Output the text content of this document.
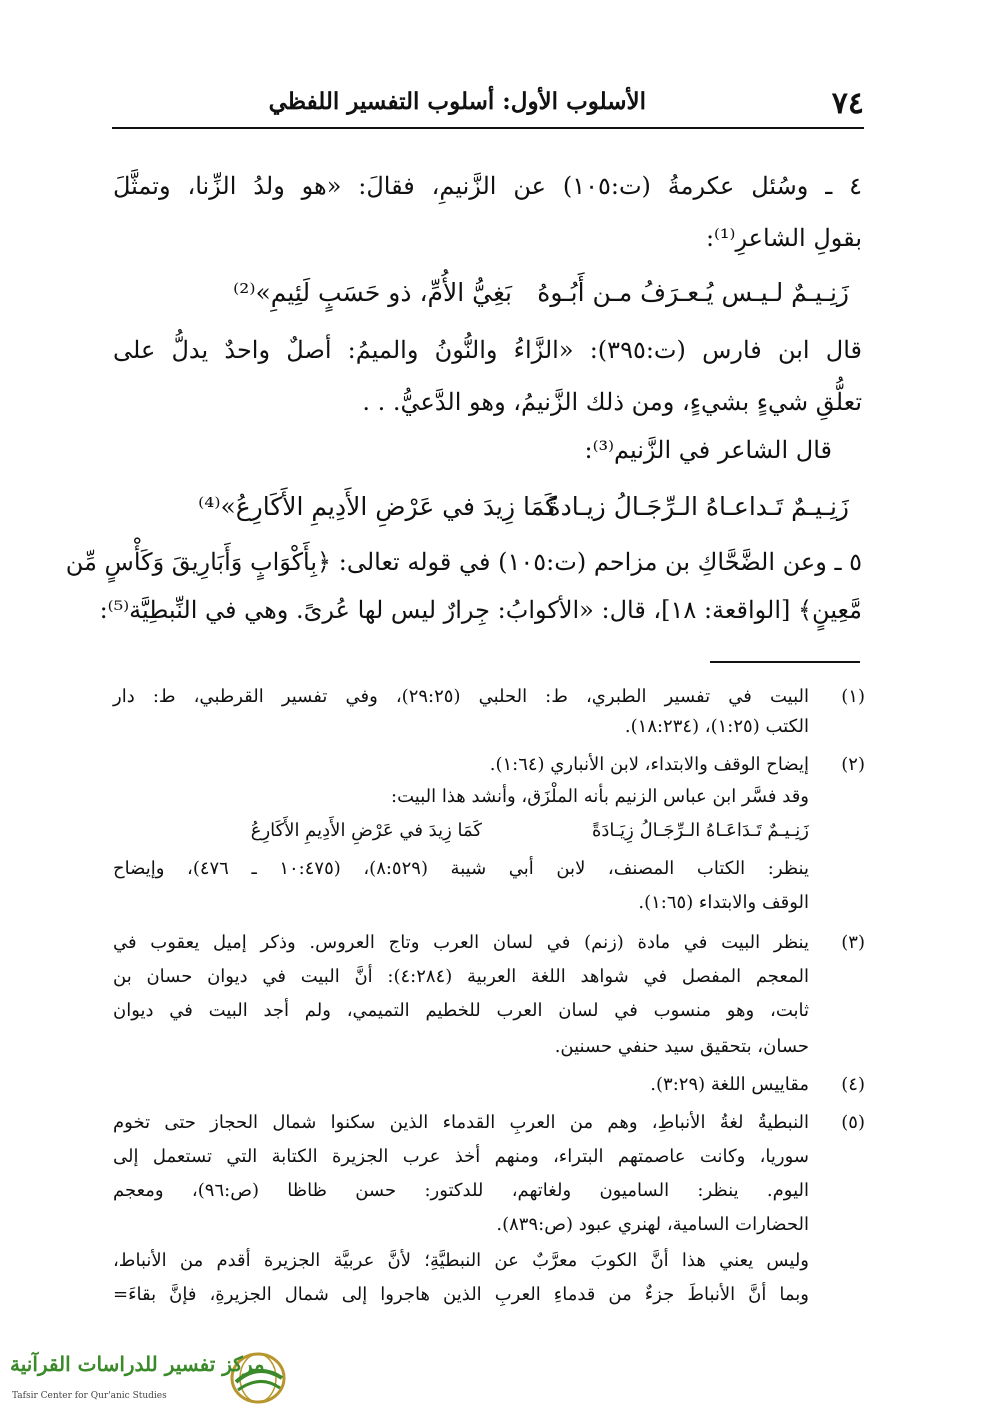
٧٤
الأسلوب الأول: أسلوب التفسير اللفظي
٤ ـ وسُئل عكرمةُ (ت:١٠٥) عن الزَّنيمِ، فقالَ: «هو ولدُ الزِّنا، وتمثَّلَ
بقولِ الشاعرِ⁽¹⁾:
زَنِـيـمٌ لـيـس يُـعـرَفُ مـن أَبُـوهُ
بَغِيُّ الأُمِّ، ذو حَسَبٍ لَئِيمِ»⁽²⁾
قال ابن فارس (ت:٣٩٥): «الزَّاءُ والنُّونُ والميمُ: أصلٌ واحدٌ يدلُّ على
تعلُّقِ شيءٍ بشيءٍ، ومن ذلك الزَّنيمُ، وهو الدَّعيُّ. . .
قال الشاعر في الزَّنيم⁽³⁾:
زَنِـيـمٌ تَـداعـاهُ الـرِّجَـالُ زيـادةً
كَمَا زِيدَ في عَرْضِ الأَدِيمِ الأَكَارِعُ»⁽⁴⁾
٥ ـ وعن الضَّحَّاكِ بن مزاحم (ت:١٠٥) في قوله تعالى: ﴿بِأَكْوَابٍ وَأَبَارِيقَ وَكَأْسٍ مِّن
مَّعِينٍ﴾ [الواقعة: ١٨]، قال: «الأكوابُ: جِرارٌ ليس لها عُرىً. وهي في النِّبطِيَّة⁽⁵⁾:
(١)
البيت في تفسير الطبري، ط: الحلبي (٢٩:٢٥)، وفي تفسير القرطبي، ط: دار
الكتب (١:٢٥)، (١٨:٢٣٤).
(٢)
إيضاح الوقف والابتداء، لابن الأنباري (١:٦٤).
وقد فسَّر ابن عباس الزنيم بأنه الملْزَق، وأنشد هذا البيت:
زَنِـيـمٌ تَـدَاعَـاهُ الـرِّجَـالُ زِيَـادَةً
كَمَا زِيدَ في عَرْضِ الأَدِيمِ الأَكَارِعُ
ينظر: الكتاب المصنف، لابن أبي شيبة (٨:٥٢٩)، (١٠:٤٧٥ ـ ٤٧٦)، وإيضاح
الوقف والابتداء (١:٦٥).
(٣)
ينظر البيت في مادة (زنم) في لسان العرب وتاج العروس. وذكر إميل يعقوب في
المعجم المفصل في شواهد اللغة العربية (٤:٢٨٤): أنَّ البيت في ديوان حسان بن
ثابت، وهو منسوب في لسان العرب للخطيم التميمي، ولم أجد البيت في ديوان
حسان، بتحقيق سيد حنفي حسنين.
(٤)
مقاييس اللغة (٣:٢٩).
(٥)
النبطيةُ لغةُ الأنباطِ، وهم من العربِ القدماء الذين سكنوا شمال الحجاز حتى تخوم
سوريا، وكانت عاصمتهم البتراء، ومنهم أخذ عرب الجزيرة الكتابة التي تستعمل إلى
اليوم. ينظر: الساميون ولغاتهم، للدكتور: حسن ظاظا (ص:٩٦)، ومعجم
الحضارات السامية، لهنري عبود (ص:٨٣٩).
وليس يعني هذا أنَّ الكوبَ معرَّبٌ عن النبطيَّةِ؛ لأنَّ عربيَّة الجزيرة أقدم من الأنباط،
وبما أنَّ الأنباطَ جزءٌ من قدماءِ العربِ الذين هاجروا إلى شمال الجزيرةِ، فإنَّ بقاءَ=
مركز تفسير للدراسات القرآنية
Tafsir Center for Qur'anic Studies
